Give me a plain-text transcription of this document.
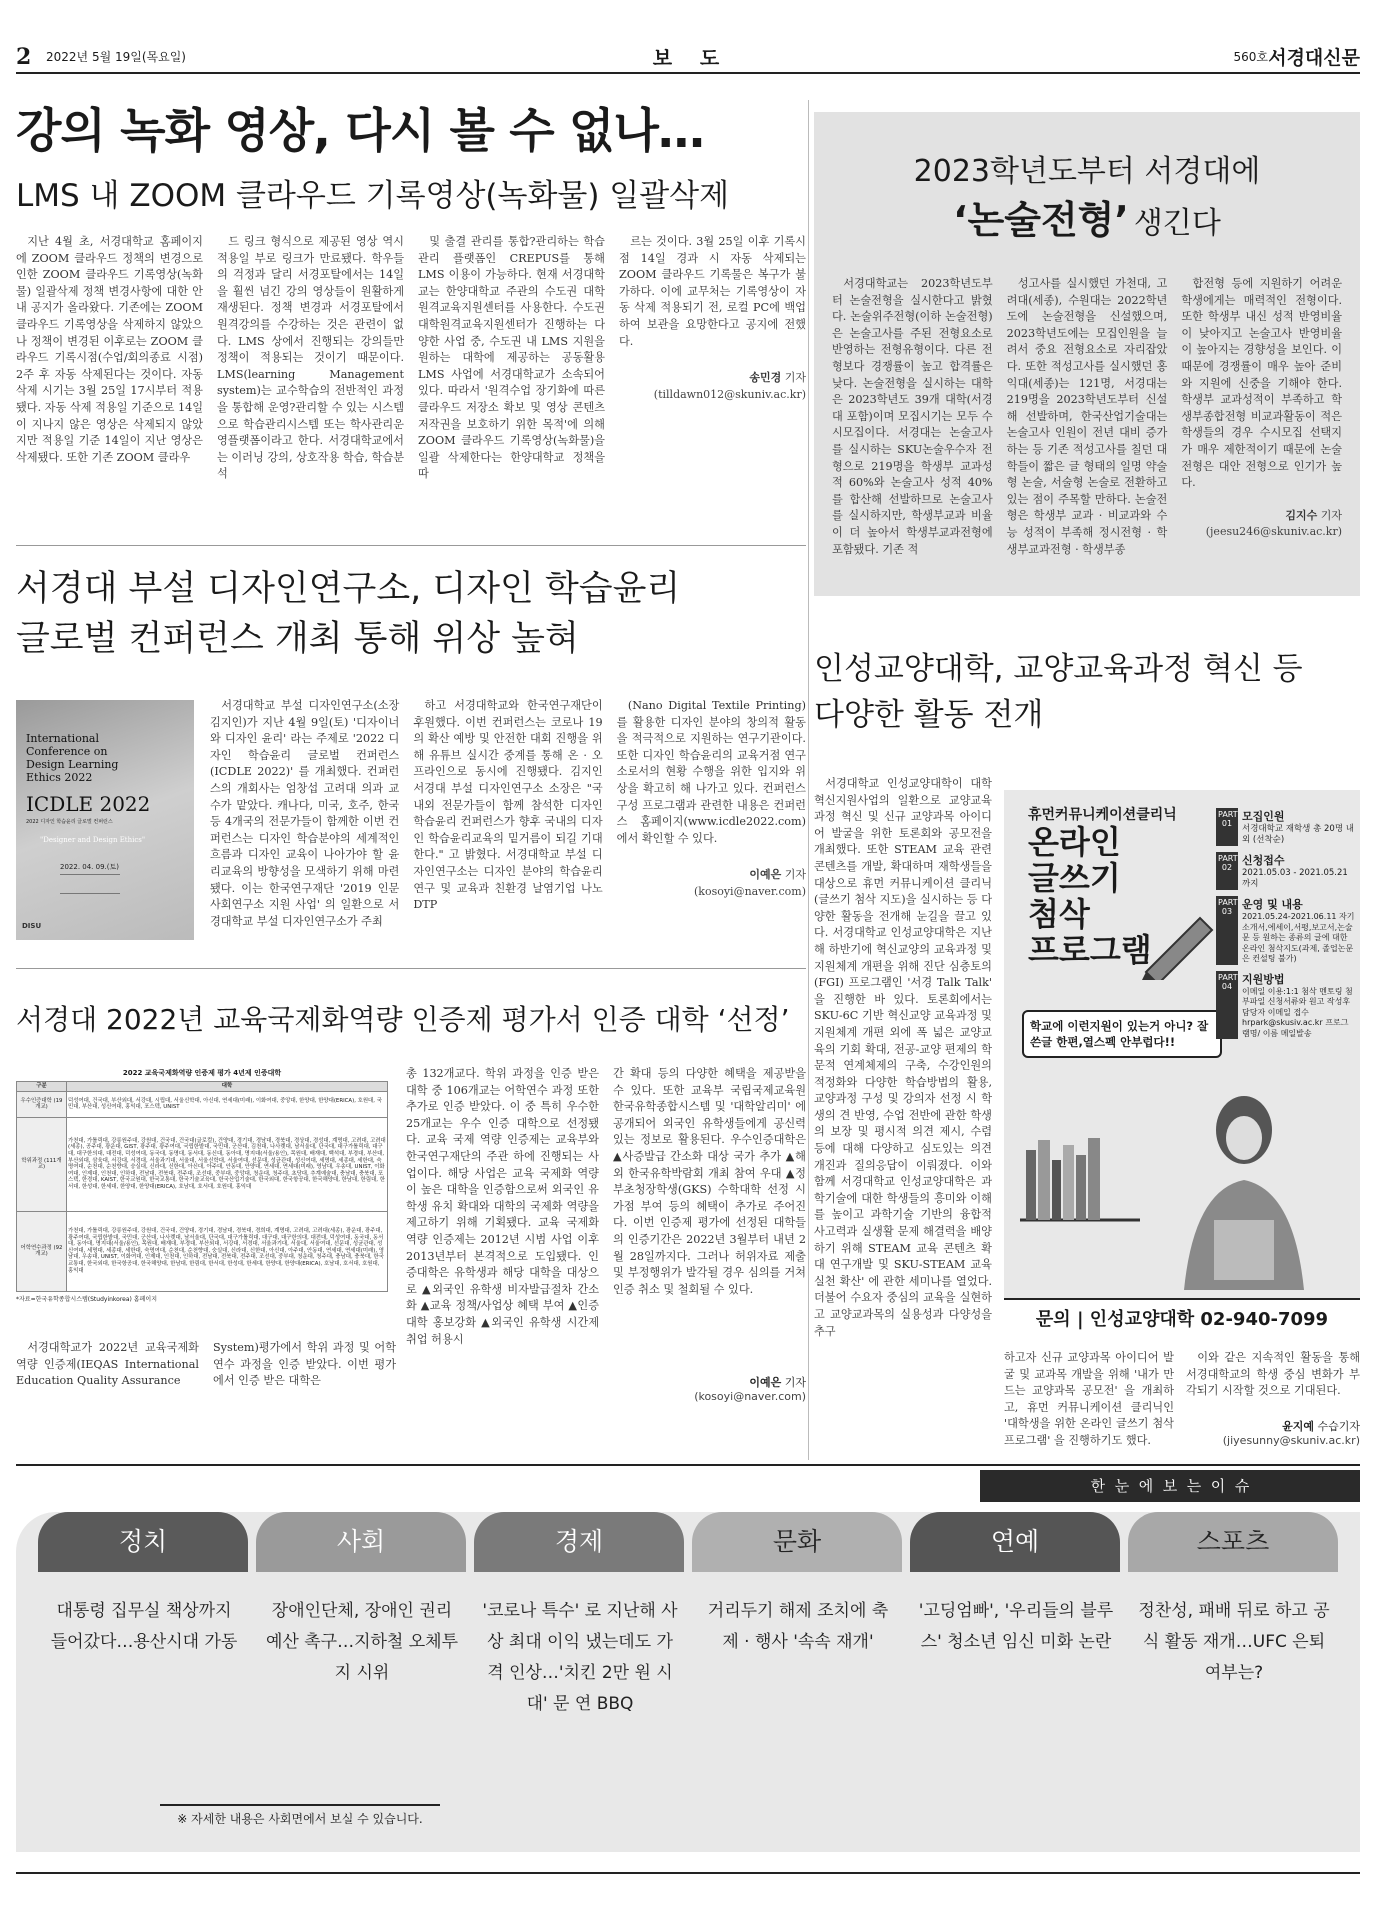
2 2022년 5월 19일(목요일)	보    도	560호 서경대신문
강의 녹화 영상, 다시 볼 수 없나…
LMS 내 ZOOM 클라우드 기록영상(녹화물) 일괄삭제

지난 4월 초, 서경대학교 홈페이지에 ZOOM 클라우드 정책의 변경으로 인한 ZOOM 클라우드 기록영상(녹화물) 일괄삭제 정책 변경사항에 대한 안내 공지가 올라왔다. 기존에는 ZOOM 클라우드 기록영상을 삭제하지 않았으나 정책이 변경된 이후로는 ZOOM 클라우드 기록시점(수업/회의종료 시점) 2주 후 자동 삭제된다는 것이다. 자동 삭제 시기는 3월 25일 17시부터 적용됐다. 자동 삭제 적용일 기준으로 14일이 지나지 않은 영상은 삭제되지 않았지만 적용일 기준 14일이 지난 영상은 삭제됐다. 또한 기존 ZOOM 클라우

드 링크 형식으로 제공된 영상 역시 적용일 부로 링크가 만료됐다. 학우들의 걱정과 달리 서경포탈에서는 14일을 훨씬 넘긴 강의 영상들이 원활하게 재생된다. 정책 변경과 서경포탈에서 원격강의를 수강하는 것은 관련이 없다. LMS 상에서 진행되는 강의들만 정책이 적용되는 것이기 때문이다. LMS(learning Management system)는 교수학습의 전반적인 과정을 통합해 운영?관리할 수 있는 시스템으로 학습관리시스템 또는 학사관리운영플랫폼이라고 한다. 서경대학교에서는 이러닝 강의, 상호작용 학습, 학습분석

및 출결 관리를 통합?관리하는 학습관리 플랫폼인 CREPUS를 통해 LMS 이용이 가능하다. 현재 서경대학교는 한양대학교 주관의 수도권 대학원격교육지원센터를 사용한다. 수도권 대학원격교육지원센터가 진행하는 다양한 사업 중, 수도권 내 LMS 지원을 원하는 대학에 제공하는 공동활용 LMS 사업에 서경대학교가 소속되어 있다. 따라서 '원격수업 장기화에 따른 클라우드 저장소 확보 및 영상 콘텐츠 저작권을 보호하기 위한 목적'에 의해 ZOOM 클라우드 기록영상(녹화물)을 일괄 삭제한다는 한양대학교 정책을 따

르는 것이다. 3월 25일 이후 기록시점 14일 경과 시 자동 삭제되는 ZOOM 클라우드 기록물은 복구가 불가하다. 이에 교무처는 기록영상이 자동 삭제 적용되기 전, 로컬 PC에 백업하여 보관을 요망한다고 공지에 전했다.

송민경 기자
(tilldawn012@skuniv.ac.kr)
2023학년도부터 서경대에
‘논술전형’ 생긴다

서경대학교는 2023학년도부터 논술전형을 실시한다고 밝혔다. 논술위주전형(이하 논술전형)은 논술고사를 주된 전형요소로 반영하는 전형유형이다. 다른 전형보다 경쟁률이 높고 합격률은 낮다. 논술전형을 실시하는 대학은 2023학년도 39개 대학(서경대 포함)이며 모집시기는 모두 수시모집이다. 서경대는 논술고사를 실시하는 SKU논술우수자 전형으로 219명을 학생부 교과성적 60%와 논술고사 성적 40%를 합산해 선발하므로 논술고사를 실시하지만, 학생부교과 비율이 더 높아서 학생부교과전형에 포함됐다. 기존 적

성고사를 실시했던 가천대, 고려대(세종), 수원대는 2022학년도에 논술전형을 신설했으며, 2023학년도에는 모집인원을 늘려서 중요 전형요소로 자리잡았다. 또한 적성고사를 실시했던 홍익대(세종)는 121명, 서경대는 219명을 2023학년도부터 신설해 선발하며, 한국산업기술대는 논술고사 인원이 전년 대비 증가하는 등 기존 적성고사를 칠던 대학들이 짧은 글 형태의 일명 약술형 논술, 서술형 논술로 전환하고 있는 점이 주목할 만하다. 논술전형은 학생부 교과 · 비교과와 수능 성적이 부족해 정시전형 · 학생부교과전형 · 학생부종

합전형 등에 지원하기 어려운 학생에게는 매력적인 전형이다. 또한 학생부 내신 성적 반영비율이 낮아지고 논술고사 반영비율이 높아지는 경향성을 보인다. 이 때문에 경쟁률이 매우 높아 준비와 지원에 신중을 기해야 한다. 학생부 교과성적이 부족하고 학생부종합전형 비교과활동이 적은 학생들의 경우 수시모집 선택지가 매우 제한적이기 때문에 논술전형은 대안 전형으로 인기가 높다.

김지수 기자
(jeesu246@skuniv.ac.kr)
서경대 부설 디자인연구소, 디자인 학습윤리
글로벌 컨퍼런스 개최 통해 위상 높혀
International
Conference on
Design Learning
Ethics 2022
ICDLE 2022
2022 디자인 학습윤리 글로벌 컨퍼런스
"Designer and Design Ethics"
2022. 04. 09.(토)
DISU

서경대학교 부설 디자인연구소(소장 김지인)가 지난 4월 9일(토) '디자이너와 디자인 윤리' 라는 주제로 '2022 디자인 학습윤리 글로벌 컨퍼런스(ICDLE 2022)' 를 개최했다. 컨퍼런스의 개회사는 엄창섭 고려대 의과 교수가 맡았다. 캐나다, 미국, 호주, 한국 등 4개국의 전문가들이 함께한 이번 컨퍼런스는 디자인 학습분야의 세계적인 흐름과 디자인 교육이 나아가야 할 윤리교육의 방향성을 모색하기 위해 마련됐다. 이는 한국연구재단 '2019 인문사회연구소 지원 사업' 의 일환으로 서경대학교 부설 디자인연구소가 주최

하고 서경대학교와 한국연구재단이 후원했다. 이번 컨퍼런스는 코로나 19의 확산 예방 및 안전한 대회 진행을 위해 유튜브 실시간 중계를 통해 온 · 오프라인으로 동시에 진행됐다. 김지인 서경대 부설 디자인연구소 소장은 "국내외 전문가들이 함께 참석한 디자인 학습윤리 컨퍼런스가 향후 국내의 디자인 학습윤리교육의 밑거름이 되길 기대한다." 고 밝혔다. 서경대학교 부설 디자인연구소는 디자인 분야의 학습윤리 연구 및 교육과 친환경 날염기업 나노 DTP

(Nano Digital Textile Printing)를 활용한 디자인 분야의 창의적 활동을 적극적으로 지원하는 연구기관이다. 또한 디자인 학습윤리의 교육거점 연구소로서의 현황 수행을 위한 입지와 위상을 확고히 해 나가고 있다. 컨퍼런스 구성 프로그램과 관련한 내용은 컨퍼런스 홈페이지(www.icdle2022.com)에서 확인할 수 있다.

이예은 기자
(kosoyi@naver.com)
서경대 2022년 교육국제화역량 인증제 평가서 인증 대학 ‘선정’
2022 교육국제화역량 인증제 평가 4년제 인증대학
구분	대학
우수인증대학 (19개교)	덕성여대, 건국대, 부산외대, 서강대, 시립대, 서울신학대, 아신대, 연세대(미래), 이화여대, 중앙대, 한양대, 한양대(ERICA), 호원대, 국민대, 부산대, 성신여대, 홍익대, 포스텍, UNIST
학위과정 (111개교)	가천대, 가톨릭대, 강릉원주대, 강원대, 건국대, 건국대(글로컬), 건양대, 경기대, 경남대, 경북대, 경상대, 경성대, 계명대, 고려대, 고려대(세종), 공주대, 광운대, GIST, 광주대, 광주여대, 국립한밭대, 국민대, 군산대, 김천대, 나사렛대, 남서울대, 단국대, 대구가톨릭대, 대구대, 대구한의대, 대전대, 덕성여대, 동국대, 동명대, 동서대, 동신대, 동아대, 명지대(서울/용인), 목원대, 배재대, 백석대, 부경대, 부산대, 부산외대, 삼육대, 서강대, 서경대, 서울과기대, 서울대, 서울신학대, 서울여대, 선문대, 성균관대, 성신여대, 세명대, 세종대, 세한대, 숙명여대, 순천대, 순천향대, 숭실대, 신라대, 신한대, 아신대, 아주대, 안동대, 안양대, 연세대, 연세대(미래), 영남대, 우송대, UNIST, 이화여대, 인제대, 인천대, 인하대, 전남대, 전북대, 전주대, 조선대, 중부대, 중앙대, 청운대, 청주대, 초당대, 추계예술대, 충남대, 충북대, 포스텍, 한경대, KAIST, 한국교원대, 한국교통대, 한국기술교육대, 한국산업기술대, 한국외대, 한국항공대, 한국해양대, 한남대, 한림대, 한서대, 한성대, 한세대, 한양대, 한양대(ERICA), 호남대, 호서대, 호원대, 홍익대
어학연수과정 (92개교)	가천대, 가톨릭대, 강릉원주대, 강원대, 건국대, 건양대, 경기대, 경남대, 경북대, 경희대, 계명대, 고려대, 고려대(세종), 광운대, 광주대, 광주여대, 국립한밭대, 국민대, 군산대, 나사렛대, 남서울대, 단국대, 대구가톨릭대, 대구대, 대구한의대, 대전대, 덕성여대, 동국대, 동서대, 동아대, 명지대(서울/용인), 목원대, 배재대, 부경대, 부산외대, 서강대, 서경대, 서울과기대, 서울대, 서울여대, 선문대, 성균관대, 성신여대, 세명대, 세종대, 세한대, 숙명여대, 순천대, 순천향대, 숭실대, 신라대, 신한대, 아신대, 아주대, 안동대, 연세대, 연세대(미래), 영남대, 우송대, UNIST, 이화여대, 인제대, 인천대, 인하대, 전남대, 전북대, 전주대, 조선대, 중부대, 청운대, 청주대, 충남대, 충북대, 한국교통대, 한국외대, 한국항공대, 한국해양대, 한남대, 한림대, 한서대, 한성대, 한세대, 한양대, 한양대(ERICA), 호남대, 호서대, 호원대, 홍익대
*자료=한국유학종합시스템(Studyinkorea) 홈페이지

서경대학교가 2022년 교육국제화역량 인증제(IEQAS International Education Quality Assurance

System)평가에서 학위 과정 및 어학연수 과정을 인증 받았다. 이번 평가에서 인증 받은 대학은

총 132개교다. 학위 과정을 인증 받은 대학 중 106개교는 어학연수 과정 또한 추가로 인증 받았다. 이 중 특히 우수한 25개교는 우수 인증 대학으로 선정됐다. 교육 국제 역량 인증제는 교육부와 한국연구재단의 주관 하에 진행되는 사업이다. 해당 사업은 교육 국제화 역량이 높은 대학을 인증함으로써 외국인 유학생 유치 확대와 대학의 국제화 역량을 제고하기 위해 기획됐다. 교육 국제화 역량 인증제는 2012년 시범 사업 이후 2013년부터 본격적으로 도입됐다. 인증대학은 유학생과 해당 대학을 대상으로 ▲외국인 유학생 비자발급절차 간소화 ▲교육 정책/사업상 혜택 부여 ▲인증대학 홍보강화 ▲외국인 유학생 시간제 취업 허용시

간 확대 등의 다양한 혜택을 제공받을 수 있다. 또한 교육부 국립국제교육원 한국유학종합시스템 및 '대학알리미' 에 공개되어 외국인 유학생들에게 공신력 있는 정보로 활용된다. 우수인증대학은 ▲사증발급 간소화 대상 국가 추가 ▲해외 한국유학박람회 개최 참여 우대 ▲정부초청장학생(GKS) 수학대학 선정 시 가점 부여 등의 혜택이 추가로 주어진다. 이번 인증제 평가에 선정된 대학들의 인증기간은 2022년 3월부터 내년 2월 28일까지다. 그러나 허위자료 제출 및 부정행위가 발각될 경우 심의를 거쳐 인증 취소 및 철회될 수 있다.

이예은 기자
(kosoyi@naver.com)
인성교양대학, 교양교육과정 혁신 등
다양한 활동 전개

서경대학교 인성교양대학이 대학혁신지원사업의 일환으로 교양교육과정 혁신 및 신규 교양과목 아이디어 발굴을 위한 토론회와 공모전을 개최했다. 또한 STEAM 교육 관련 콘텐츠를 개발, 확대하며 재학생들을 대상으로 휴먼 커뮤니케이션 클리닉(글쓰기 첨삭 지도)을 실시하는 등 다양한 활동을 전개해 눈길을 끌고 있다. 서경대학교 인성교양대학은 지난해 하반기에 혁신교양의 교육과정 및 지원체계 개편을 위해 진단 심층토의(FGI) 프로그램인 '서경 Talk Talk' 을 진행한 바 있다. 토론회에서는 SKU-6C 기반 혁신교양 교육과정 및 지원체계 개편 외에 폭 넓은 교양교육의 기회 확대, 전공-교양 편제의 학문적 연계체제의 구축, 수강인원의 적정화와 다양한 학습방법의 활용, 교양과정 구성 및 강의자 선정 시 학생의 견 반영, 수업 전반에 관한 학생의 보장 및 평시적 의견 제시, 수렴 등에 대해 다양하고 심도있는 의견 개진과 질의응답이 이뤄졌다. 이와 함께 서경대학교 인성교양대학은 과학기술에 대한 학생들의 흥미와 이해를 높이고 과학기술 기반의 융합적 사고력과 실생활 문제 해결력을 배양하기 위해 STEAM 교육 콘텐츠 확대 연구개발 및 SKU-STEAM 교육실천 확산' 에 관한 세미나를 열었다. 더불어 수요자 중심의 교육을 실현하고 교양교과목의 실용성과 다양성을 추구

휴먼커뮤니케이션클리닉
온라인
글쓰기
첨삭
프로그램
학교에 이런지원이 있는거 아니? 잘쓴글 한편,열스펙 안부럽다!!
PART 01
모집인원
서경대학교 재학생 총 20명 내외 (선착순)
PART 02
신청접수
2021.05.03 - 2021.05.21 까지
PART 03
운영 및 내용
2021.05.24-2021.06.11 자기소개서,에세이,서평,보고서,논술문 등 원하는 종류의 글에 대한 온라인 첨삭지도(과제, 졸업논문은 컨설팅 불가)
PART 04
지원방법
이메일 이용:1:1 첨삭 멘토링 첨부파일 신청서류와 원고 작성후 담당자 이메일 접수 hrpark@skusiv.ac.kr 프로그램명/ 이름 메일발송
문의 | 인성교양대학 02-940-7099

하고자 신규 교양과목 아이디어 발굴 및 교과목 개발을 위해 '내가 만드는 교양과목 공모전' 을 개최하고, 휴먼 커뮤니케이션 클리닉인 '대학생을 위한 온라인 글쓰기 첨삭 프로그램' 을 진행하기도 했다.

이와 같은 지속적인 활동을 통해 서경대학교의 학생 중심 변화가 부각되기 시작할 것으로 기대된다.

윤지예 수습기자
(jiyesunny@skuniv.ac.kr)
한  눈  에  보  는  이  슈
정치
대통령 집무실 책상까지 들어갔다…용산시대 가동
사회
장애인단체, 장애인 권리예산 촉구…지하철 오체투지 시위
경제
'코로나 특수' 로 지난해 사상 최대 이익 냈는데도 가격 인상…'치킨 2만 원 시대' 문 연 BBQ
문화
거리두기 해제 조치에 축제 · 행사 '속속 재개'
연예
'고딩엄빠', '우리들의 블루스' 청소년 임신 미화 논란
스포츠
정찬성, 패배 뒤로 하고 공식 활동 재개…UFC 은퇴 여부는?
※ 자세한 내용은 사회면에서 보실 수 있습니다.
